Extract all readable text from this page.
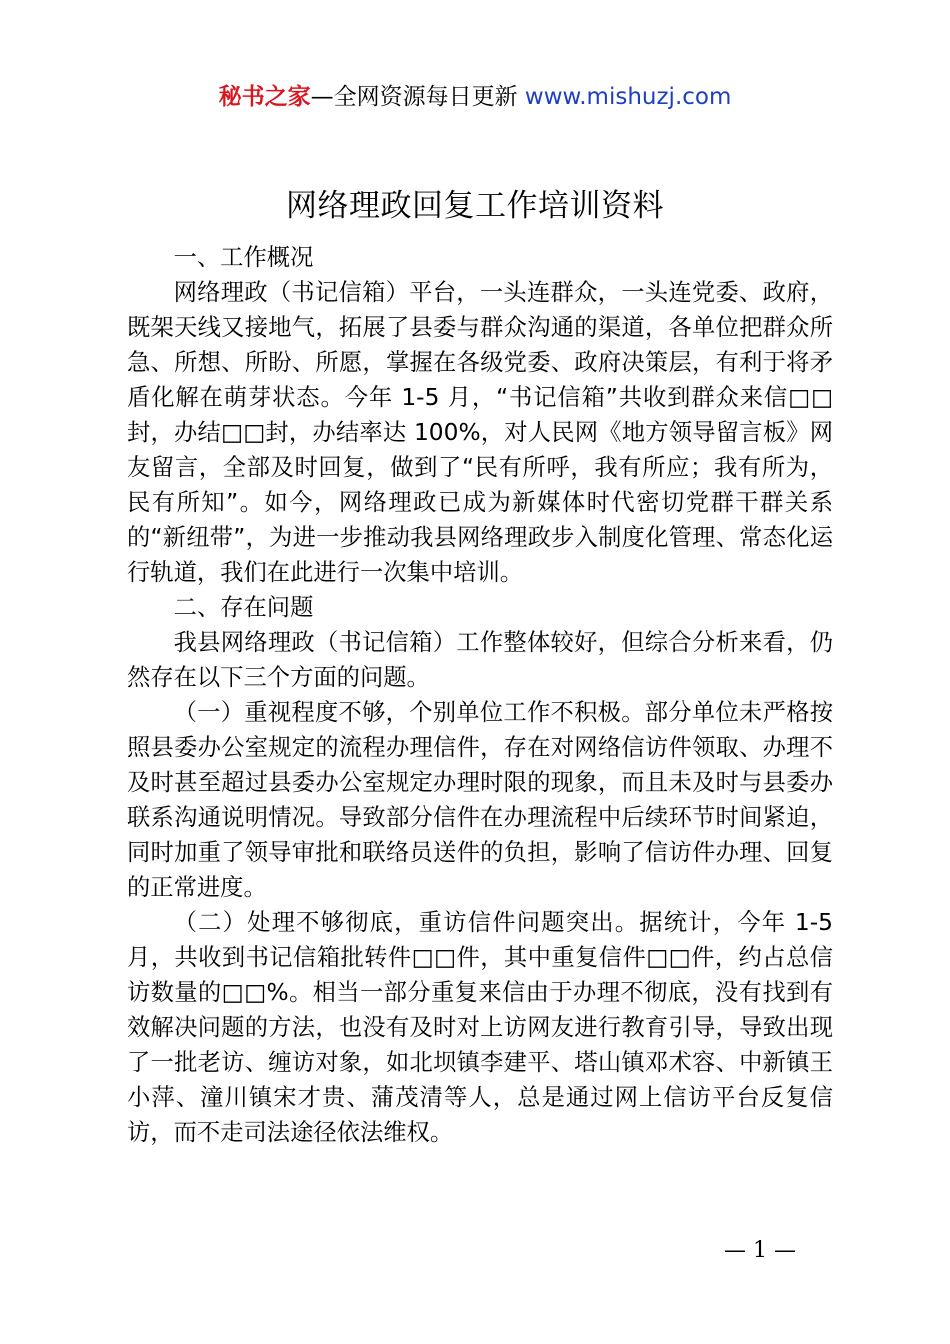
秘书之家—全网资源每日更新 www.mishuzj.com
网络理政回复工作培训资料

一、工作概况

网络理政（书记信箱）平台，一头连群众，一头连党委、政府，既架天线又接地气，拓展了县委与群众沟通的渠道，各单位把群众所急、所想、所盼、所愿，掌握在各级党委、政府决策层，有利于将矛盾化解在萌芽状态。今年 1-5 月，“书记信箱”共收到群众来信□□封，办结□□封，办结率达 100%，对人民网《地方领导留言板》网友留言，全部及时回复，做到了“民有所呼，我有所应；我有所为，民有所知”。如今，网络理政已成为新媒体时代密切党群干群关系的“新纽带”，为进一步推动我县网络理政步入制度化管理、常态化运行轨道，我们在此进行一次集中培训。

二、存在问题

我县网络理政（书记信箱）工作整体较好，但综合分析来看，仍然存在以下三个方面的问题。

（一）重视程度不够，个别单位工作不积极。部分单位未严格按照县委办公室规定的流程办理信件，存在对网络信访件领取、办理不及时甚至超过县委办公室规定办理时限的现象，而且未及时与县委办联系沟通说明情况。导致部分信件在办理流程中后续环节时间紧迫，同时加重了领导审批和联络员送件的负担，影响了信访件办理、回复的正常进度。

（二）处理不够彻底，重访信件问题突出。据统计，今年 1-5 月，共收到书记信箱批转件□□件，其中重复信件□□件，约占总信访数量的□□%。相当一部分重复来信由于办理不彻底，没有找到有效解决问题的方法，也没有及时对上访网友进行教育引导，导致出现了一批老访、缠访对象，如北坝镇李建平、塔山镇邓术容、中新镇王小萍、潼川镇宋才贵、蒲茂清等人，总是通过网上信访平台反复信访，而不走司法途径依法维权。

— 1 —
